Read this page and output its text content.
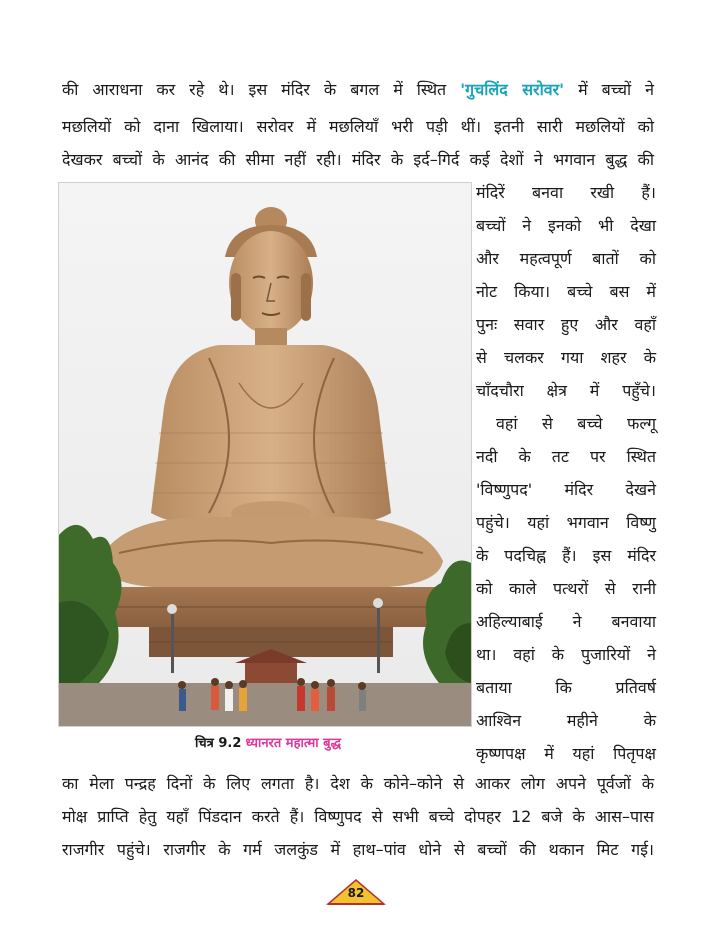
की आराधना कर रहे थे। इस मंदिर के बगल में स्थित 'गुचलिंद सरोवर' में बच्चों ने
मछलियों को दाना खिलाया। सरोवर में मछलियाँ भरी पड़ी थीं। इतनी सारी मछलियों को
देखकर बच्चों के आनंद की सीमा नहीं रही। मंदिर के इर्द–गिर्द कई देशों ने भगवान बुद्ध की
चित्र 9.2 ध्यानरत महात्मा बुद्ध
मंदिरें बनवा रखी हैं।
बच्चों ने इनको भी देखा
और महत्वपूर्ण बातों को
नोट किया। बच्चे बस में
पुनः सवार हुए और वहाँ
से चलकर गया शहर के
चाँदचौरा क्षेत्र में पहुँचे।
वहां से बच्चे फल्गू
नदी के तट पर स्थित
'विष्णुपद' मंदिर देखने
पहुंचे। यहां भगवान विष्णु
के पदचिह्न हैं। इस मंदिर
को काले पत्थरों से रानी
अहिल्याबाई ने बनवाया
था। वहां के पुजारियों ने
बताया कि प्रतिवर्ष
आश्विन महीने के
कृष्णपक्ष में यहां पितृपक्ष
का मेला पन्द्रह दिनों के लिए लगता है। देश के कोने–कोने से आकर लोग अपने पूर्वजों के
मोक्ष प्राप्ति हेतु यहाँ पिंडदान करते हैं। विष्णुपद से सभी बच्चे दोपहर 12 बजे के आस–पास
राजगीर पहुंचे। राजगीर के गर्म जलकुंड में हाथ–पांव धोने से बच्चों की थकान मिट गई।
82
